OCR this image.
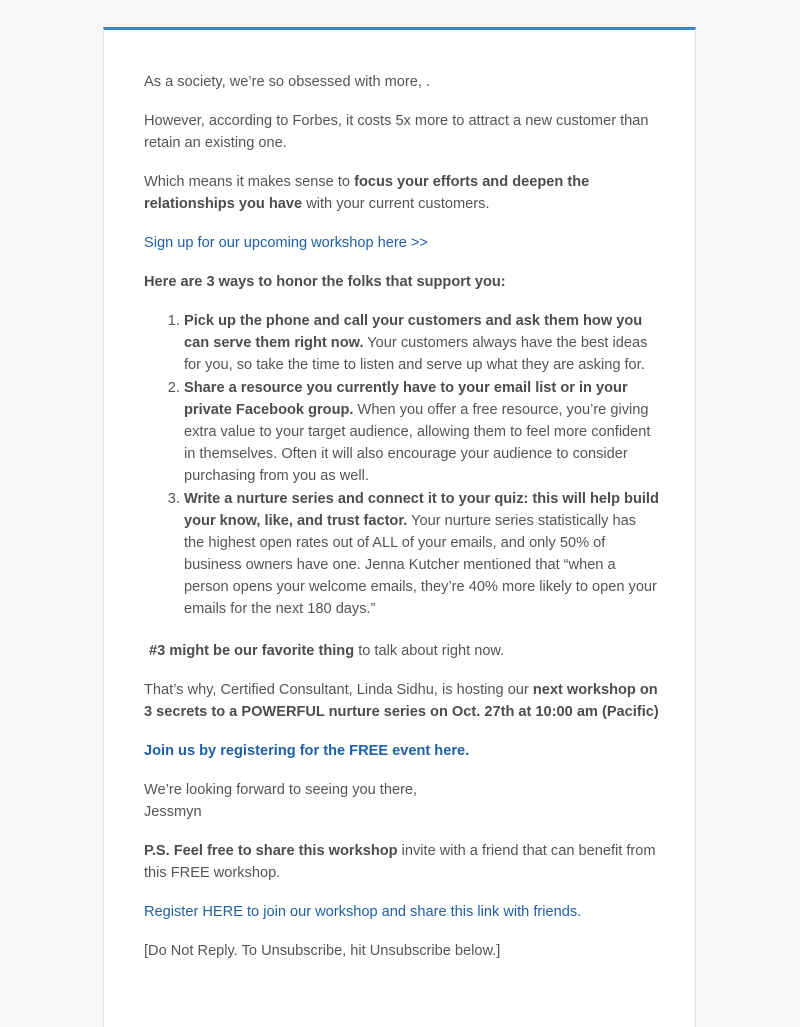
As a society, we’re so obsessed with more, .

However, according to Forbes, it costs 5x more to attract a new customer than retain an existing one.

Which means it makes sense to focus your efforts and deepen the relationships you have with your current customers.

Sign up for our upcoming workshop here >>

Here are 3 ways to honor the folks that support you:

1. Pick up the phone and call your customers and ask them how you can serve them right now. Your customers always have the best ideas for you, so take the time to listen and serve up what they are asking for.
2. Share a resource you currently have to your email list or in your private Facebook group. When you offer a free resource, you’re giving extra value to your target audience, allowing them to feel more confident in themselves. Often it will also encourage your audience to consider purchasing from you as well.
3. Write a nurture series and connect it to your quiz: this will help build your know, like, and trust factor. Your nurture series statistically has the highest open rates out of ALL of your emails, and only 50% of business owners have one. Jenna Kutcher mentioned that “when a person opens your welcome emails, they’re 40% more likely to open your emails for the next 180 days.”

#3 might be our favorite thing to talk about right now.

That’s why, Certified Consultant, Linda Sidhu, is hosting our next workshop on 3 secrets to a POWERFUL nurture series on Oct. 27th at 10:00 am (Pacific)

Join us by registering for the FREE event here.

We’re looking forward to seeing you there,
Jessmyn

P.S. Feel free to share this workshop invite with a friend that can benefit from this FREE workshop.

Register HERE to join our workshop and share this link with friends.

[Do Not Reply. To Unsubscribe, hit Unsubscribe below.]
